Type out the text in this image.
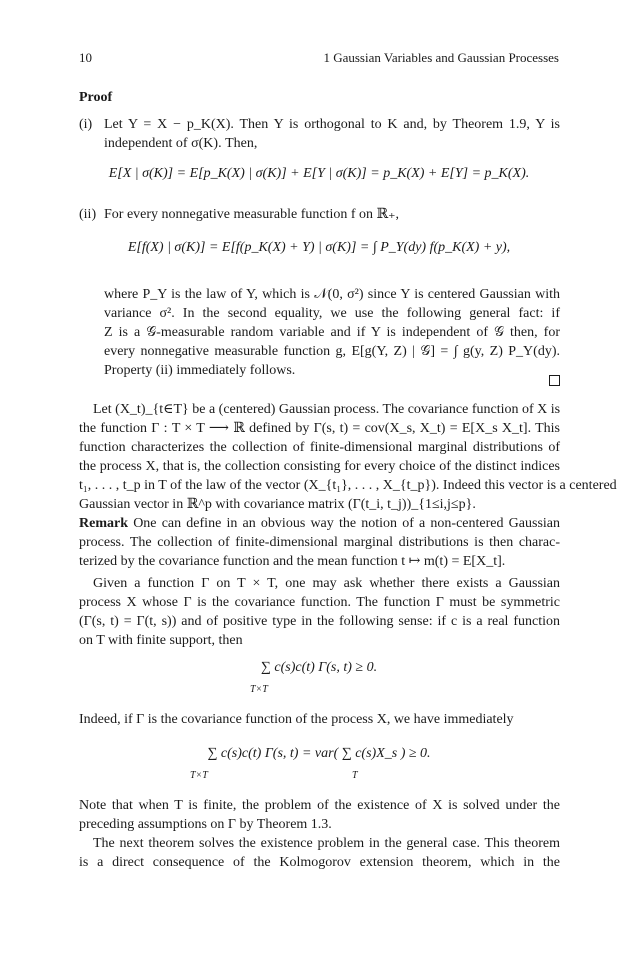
10	1 Gaussian Variables and Gaussian Processes
Proof
(i) Let Y = X − p_K(X). Then Y is orthogonal to K and, by Theorem 1.9, Y is
independent of σ(K). Then,
E[X | σ(K)] = E[p_K(X) | σ(K)] + E[Y | σ(K)] = p_K(X) + E[Y] = p_K(X).
(ii) For every nonnegative measurable function f on ℝ₊,
E[f(X) | σ(K)] = E[f(p_K(X) + Y) | σ(K)] = ∫ P_Y(dy) f(p_K(X) + y),
where P_Y is the law of Y, which is 𝒩(0, σ²) since Y is centered Gaussian with
variance σ². In the second equality, we use the following general fact: if
Z is a 𝒢-measurable random variable and if Y is independent of 𝒢 then, for
every nonnegative measurable function g, E[g(Y, Z) | 𝒢] = ∫ g(y, Z) P_Y(dy).
Property (ii) immediately follows.
Let (X_t)_{t∈T} be a (centered) Gaussian process. The covariance function of X is
the function Γ : T × T ⟶ ℝ defined by Γ(s, t) = cov(X_s, X_t) = E[X_s X_t]. This
function characterizes the collection of finite-dimensional marginal distributions of
the process X, that is, the collection consisting for every choice of the distinct indices
t₁, . . . , t_p in T of the law of the vector (X_{t₁}, . . . , X_{t_p}). Indeed this vector is a centered
Gaussian vector in ℝ^p with covariance matrix (Γ(t_i, t_j))_{1≤i,j≤p}.
Remark One can define in an obvious way the notion of a non-centered Gaussian
process. The collection of finite-dimensional marginal distributions is then charac-
terized by the covariance function and the mean function t ↦ m(t) = E[X_t].
Given a function Γ on T × T, one may ask whether there exists a Gaussian
process X whose Γ is the covariance function. The function Γ must be symmetric
(Γ(s, t) = Γ(t, s)) and of positive type in the following sense: if c is a real function
on T with finite support, then
∑ c(s)c(t) Γ(s, t) ≥ 0.
T×T
Indeed, if Γ is the covariance function of the process X, we have immediately
∑ c(s)c(t) Γ(s, t) = var( ∑ c(s)X_s ) ≥ 0.
T×T	T
Note that when T is finite, the problem of the existence of X is solved under the
preceding assumptions on Γ by Theorem 1.3.
The next theorem solves the existence problem in the general case. This theorem
is a direct consequence of the Kolmogorov extension theorem, which in the
